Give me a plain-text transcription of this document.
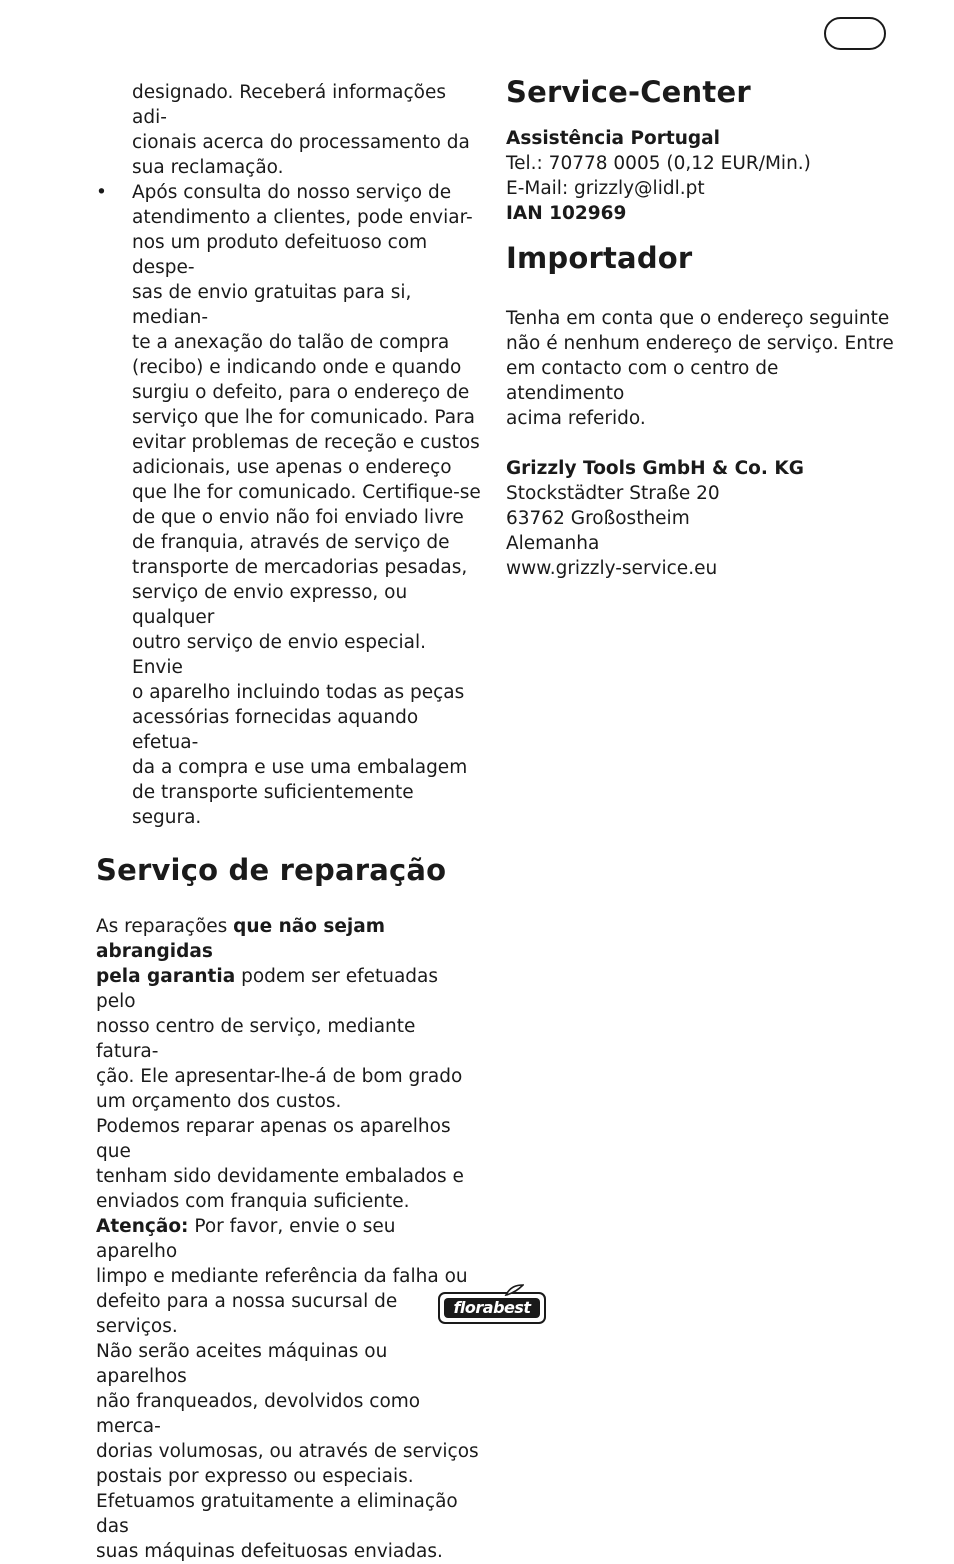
designado. Receberá informações adi-
cionais acerca do processamento da
sua reclamação.
• Após consulta do nosso serviço de
atendimento a clientes, pode enviar-
nos um produto defeituoso com despe-
sas de envio gratuitas para si, median-
te a anexação do talão de compra
(recibo) e indicando onde e quando
surgiu o defeito, para o endereço de
serviço que lhe for comunicado. Para
evitar problemas de receção e custos
adicionais, use apenas o endereço
que lhe for comunicado. Certifique-se
de que o envio não foi enviado livre
de franquia, através de serviço de
transporte de mercadorias pesadas,
serviço de envio expresso, ou qualquer
outro serviço de envio especial. Envie
o aparelho incluindo todas as peças
acessórias fornecidas aquando efetua-
da a compra e use uma embalagem
de transporte suficientemente segura.
Serviço de reparação
As reparações que não sejam abrangidas
pela garantia podem ser efetuadas pelo
nosso centro de serviço, mediante fatura-
ção. Ele apresentar-lhe-á de bom grado
um orçamento dos custos.
Podemos reparar apenas os aparelhos que
tenham sido devidamente embalados e
enviados com franquia suficiente.
Atenção: Por favor, envie o seu aparelho
limpo e mediante referência da falha ou
defeito para a nossa sucursal de serviços.
Não serão aceites máquinas ou aparelhos
não franqueados, devolvidos como merca-
dorias volumosas, ou através de serviços
postais por expresso ou especiais.
Efetuamos gratuitamente a eliminação das
suas máquinas defeituosas enviadas.
Service-Center

Assistência Portugal

Tel.: 70778 0005 (0,12 EUR/Min.)

E-Mail: grizzly@lidl.pt

IAN 102969

Importador
Tenha em conta que o endereço seguinte
não é nenhum endereço de serviço. Entre
em contacto com o centro de atendimento
acima referido.

Grizzly Tools GmbH & Co. KG

Stockstädter Straße 20

63762 Großostheim

Alemanha

www.grizzly-service.eu

florabest
